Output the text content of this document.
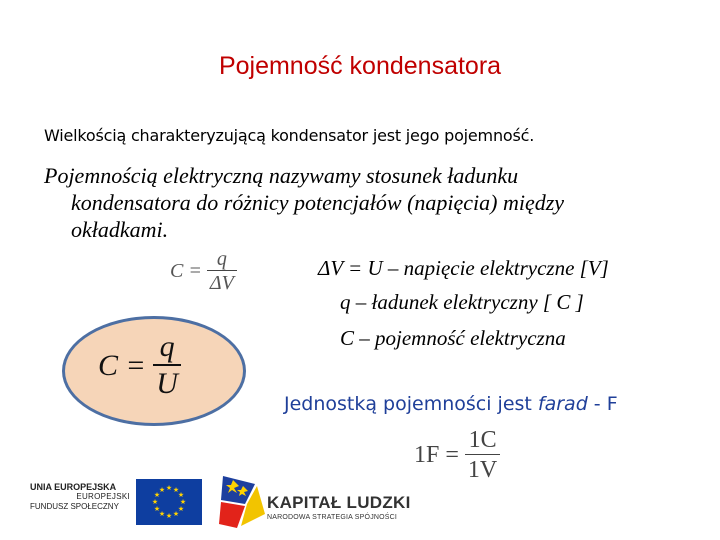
Pojemność kondensatora
Wielkością charakteryzującą kondensator jest jego pojemność.
Pojemnością elektryczną nazywamy stosunek ładunku
kondensatora do różnicy potencjałów (napięcia) między
okładkami.
$C = \frac{q}{\Delta V}$
$C = \frac{q}{U}$
ΔV = U – napięcie elektryczne [V]
q – ładunek elektryczny [ C ]
C – pojemność elektryczna
Jednostką pojemności jest farad - F
$1F = \frac{1C}{1V}$
UNIA EUROPEJSKA
EUROPEJSKI
FUNDUSZ SPOŁECZNY
★ ★
★
★
★
★
★
★
★
★
★
★
KAPITAŁ LUDZKI
NARODOWA STRATEGIA SPÓJNOŚCI
